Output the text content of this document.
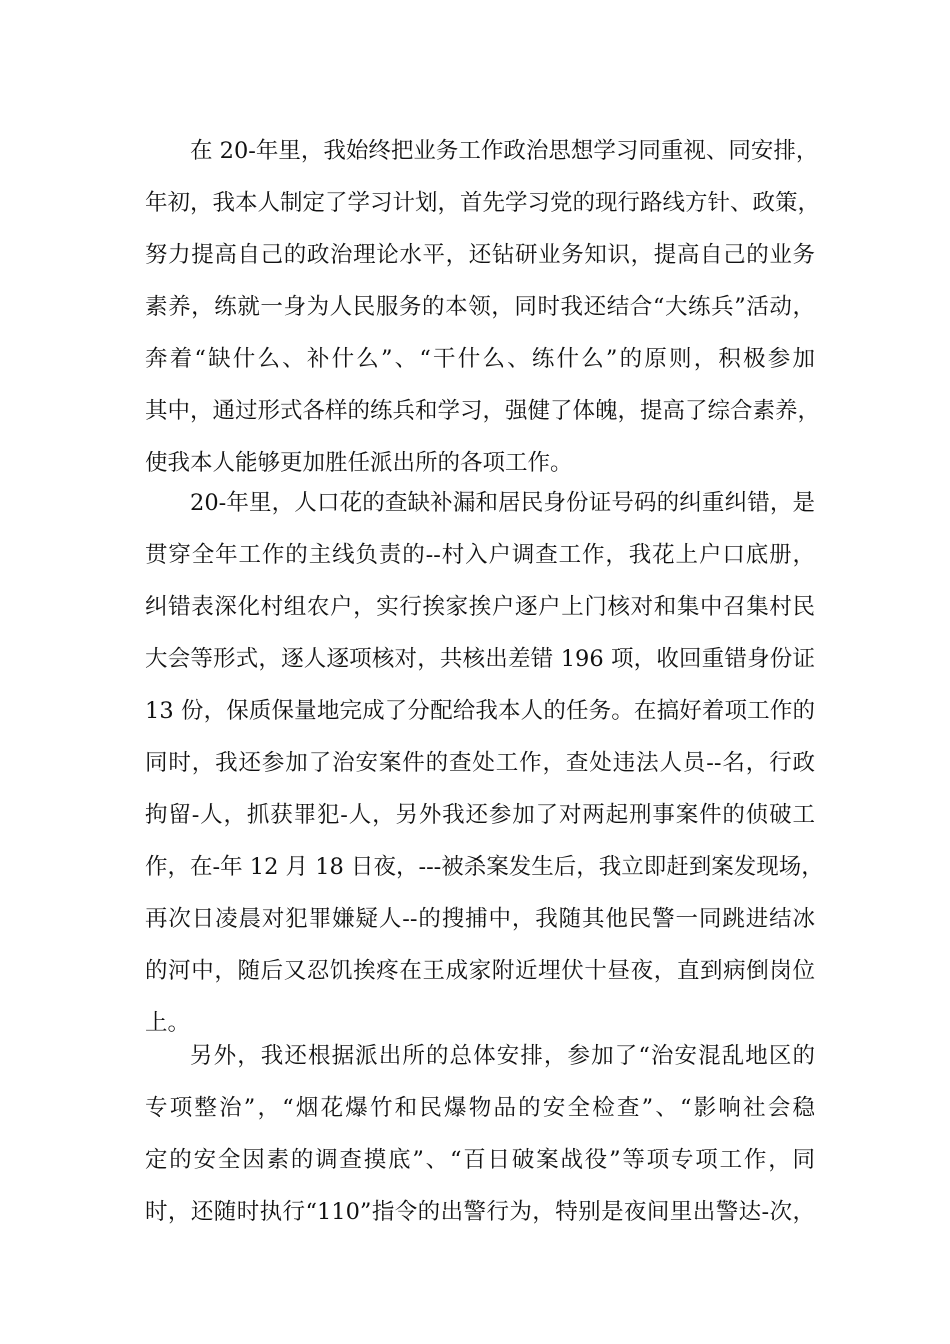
在 20-年里，我始终把业务工作政治思想学习同重视、同安排，
年初，我本人制定了学习计划，首先学习党的现行路线方针、政策，
努力提高自己的政治理论水平，还钻研业务知识，提高自己的业务
素养，练就一身为人民服务的本领，同时我还结合“大练兵”活动，
奔着“缺什么、补什么”、“干什么、练什么”的原则，积极参加
其中，通过形式各样的练兵和学习，强健了体魄，提高了综合素养，
使我本人能够更加胜任派出所的各项工作。
20-年里，人口花的查缺补漏和居民身份证号码的纠重纠错，是
贯穿全年工作的主线负责的--村入户调查工作，我花上户口底册，
纠错表深化村组农户，实行挨家挨户逐户上门核对和集中召集村民
大会等形式，逐人逐项核对，共核出差错 196 项，收回重错身份证
13 份，保质保量地完成了分配给我本人的任务。在搞好着项工作的
同时，我还参加了治安案件的查处工作，查处违法人员--名，行政
拘留-人，抓获罪犯-人，另外我还参加了对两起刑事案件的侦破工
作，在-年 12 月 18 日夜，---被杀案发生后，我立即赶到案发现场，
再次日凌晨对犯罪嫌疑人--的搜捕中，我随其他民警一同跳进结冰
的河中，随后又忍饥挨疼在王成家附近埋伏十昼夜，直到病倒岗位
上。
另外，我还根据派出所的总体安排，参加了“治安混乱地区的
专项整治”，“烟花爆竹和民爆物品的安全检查”、“影响社会稳
定的安全因素的调查摸底”、“百日破案战役”等项专项工作，同
时，还随时执行“110”指令的出警行为，特别是夜间里出警达-次，
